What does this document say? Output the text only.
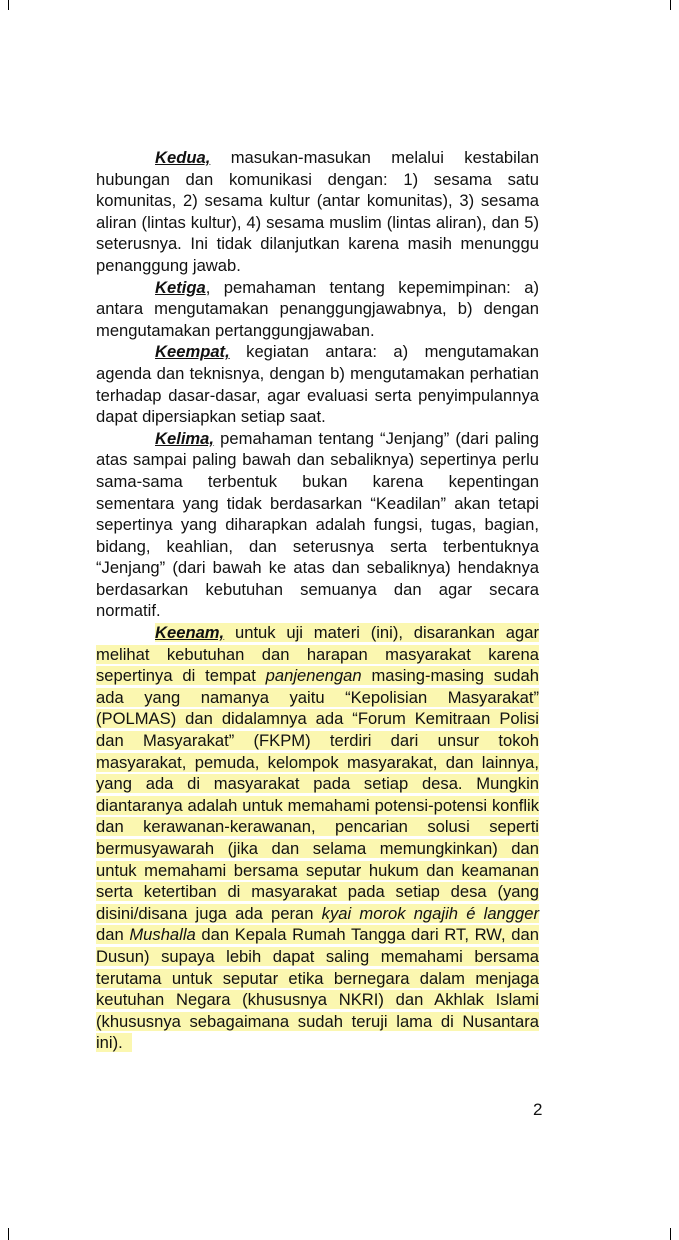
Kedua, masukan-masukan melalui kestabilan hubungan dan komunikasi dengan: 1) sesama satu komunitas, 2) sesama kultur (antar komunitas), 3) sesama aliran (lintas kultur), 4) sesama muslim (lintas aliran), dan 5) seterusnya. Ini tidak dilanjutkan karena masih menunggu penanggung jawab.

Ketiga, pemahaman tentang kepemimpinan: a) antara mengutamakan penanggungjawabnya, b) dengan mengutamakan pertanggungjawaban.

Keempat, kegiatan antara: a) mengutamakan agenda dan teknisnya, dengan b) mengutamakan perhatian terhadap dasar-dasar, agar evaluasi serta penyimpulannya dapat dipersiapkan setiap saat.

Kelima, pemahaman tentang “Jenjang” (dari paling atas sampai paling bawah dan sebaliknya) sepertinya perlu sama-sama terbentuk bukan karena kepentingan sementara yang tidak berdasarkan “Keadilan” akan tetapi sepertinya yang diharapkan adalah fungsi, tugas, bagian, bidang, keahlian, dan seterusnya serta terbentuknya “Jenjang” (dari bawah ke atas dan sebaliknya) hendaknya berdasarkan kebutuhan semuanya dan agar secara normatif.

Keenam, untuk uji materi (ini), disarankan agar melihat kebutuhan dan harapan masyarakat karena sepertinya di tempat panjenengan masing-masing sudah ada yang namanya yaitu “Kepolisian Masyarakat” (POLMAS) dan didalamnya ada “Forum Kemitraan Polisi dan Masyarakat” (FKPM) terdiri dari unsur tokoh masyarakat, pemuda, kelompok masyarakat, dan lainnya, yang ada di masyarakat pada setiap desa. Mungkin diantaranya adalah untuk memahami potensi-potensi konflik dan kerawanan-kerawanan, pencarian solusi seperti bermusyawarah (jika dan selama memungkinkan) dan untuk memahami bersama seputar hukum dan keamanan serta ketertiban di masyarakat pada setiap desa (yang disini/disana juga ada peran kyai morok ngajih é langger dan Mushalla dan Kepala Rumah Tangga dari RT, RW, dan Dusun) supaya lebih dapat saling memahami bersama terutama untuk seputar etika bernegara dalam menjaga keutuhan Negara (khususnya NKRI) dan Akhlak Islami (khususnya sebagaimana sudah teruji lama di Nusantara ini).

2
